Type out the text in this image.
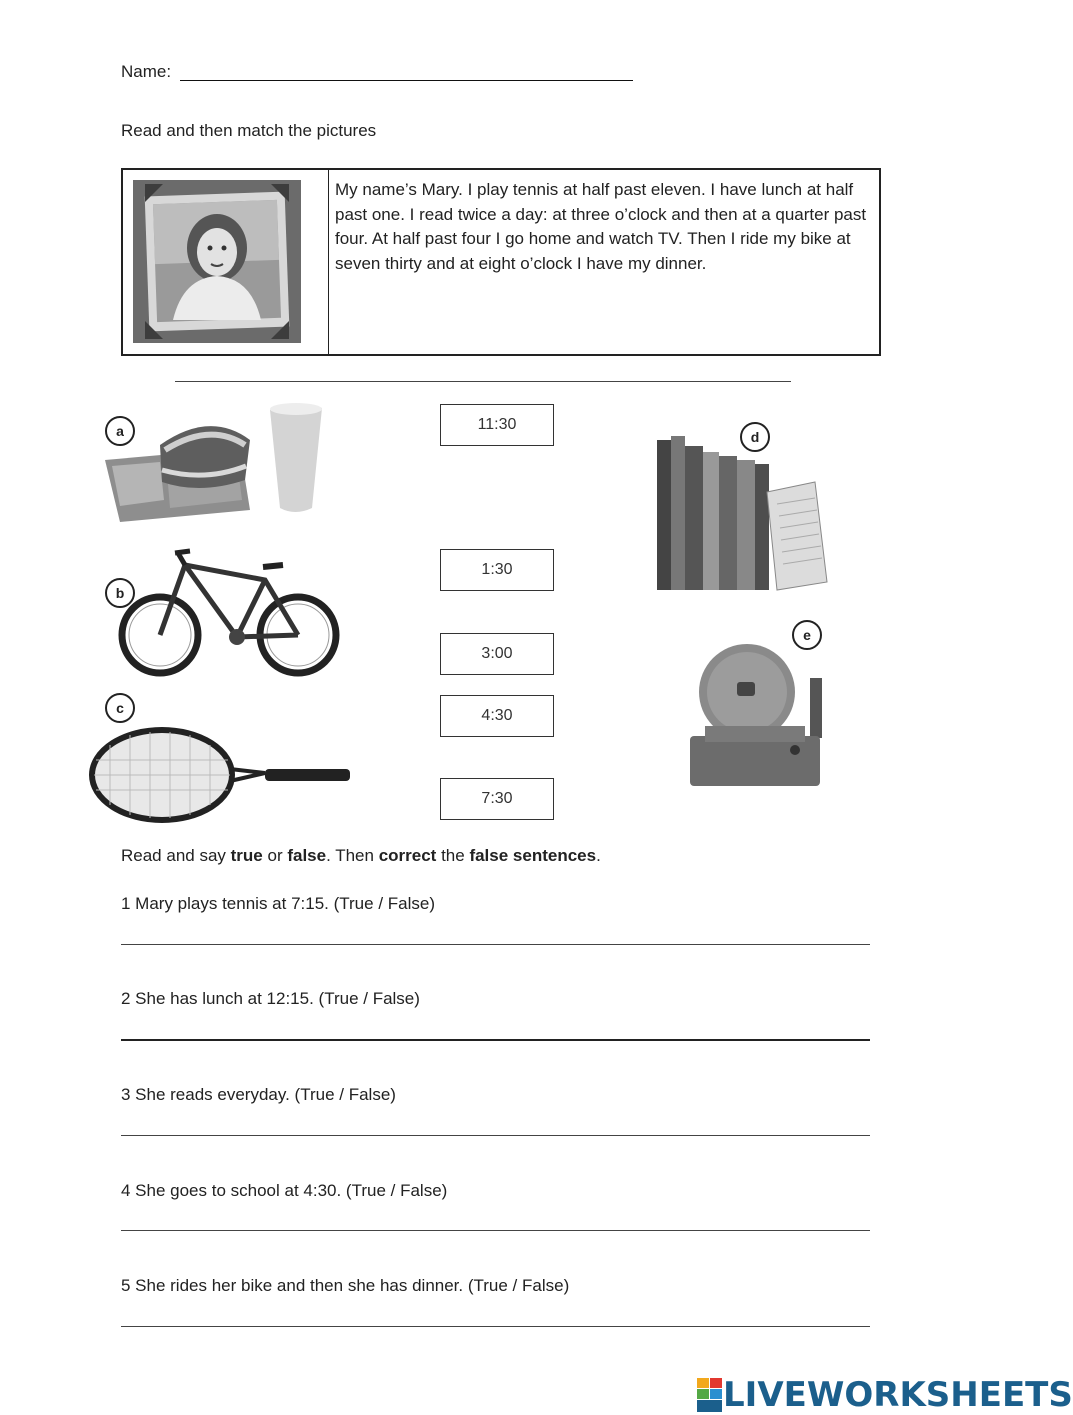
Name:
Read and then match the pictures
My name’s Mary. I play tennis at half past eleven. I have lunch at half past one. I read twice a day: at three o’clock and then at a quarter past four. At half past four I go home and watch TV. Then I ride my bike at seven thirty and at eight o’clock I have my dinner.
a
b
c
d
e
11:30
1:30
3:00
4:30
7:30
Read and say true or false. Then correct the false sentences.
1 Mary plays tennis at 7:15. (True / False)
2 She has lunch at 12:15. (True / False)
3 She reads everyday. (True / False)
4 She goes to school at 4:30. (True / False)
5 She rides her bike and then she has dinner. (True / False)
LIVEWORKSHEETS
